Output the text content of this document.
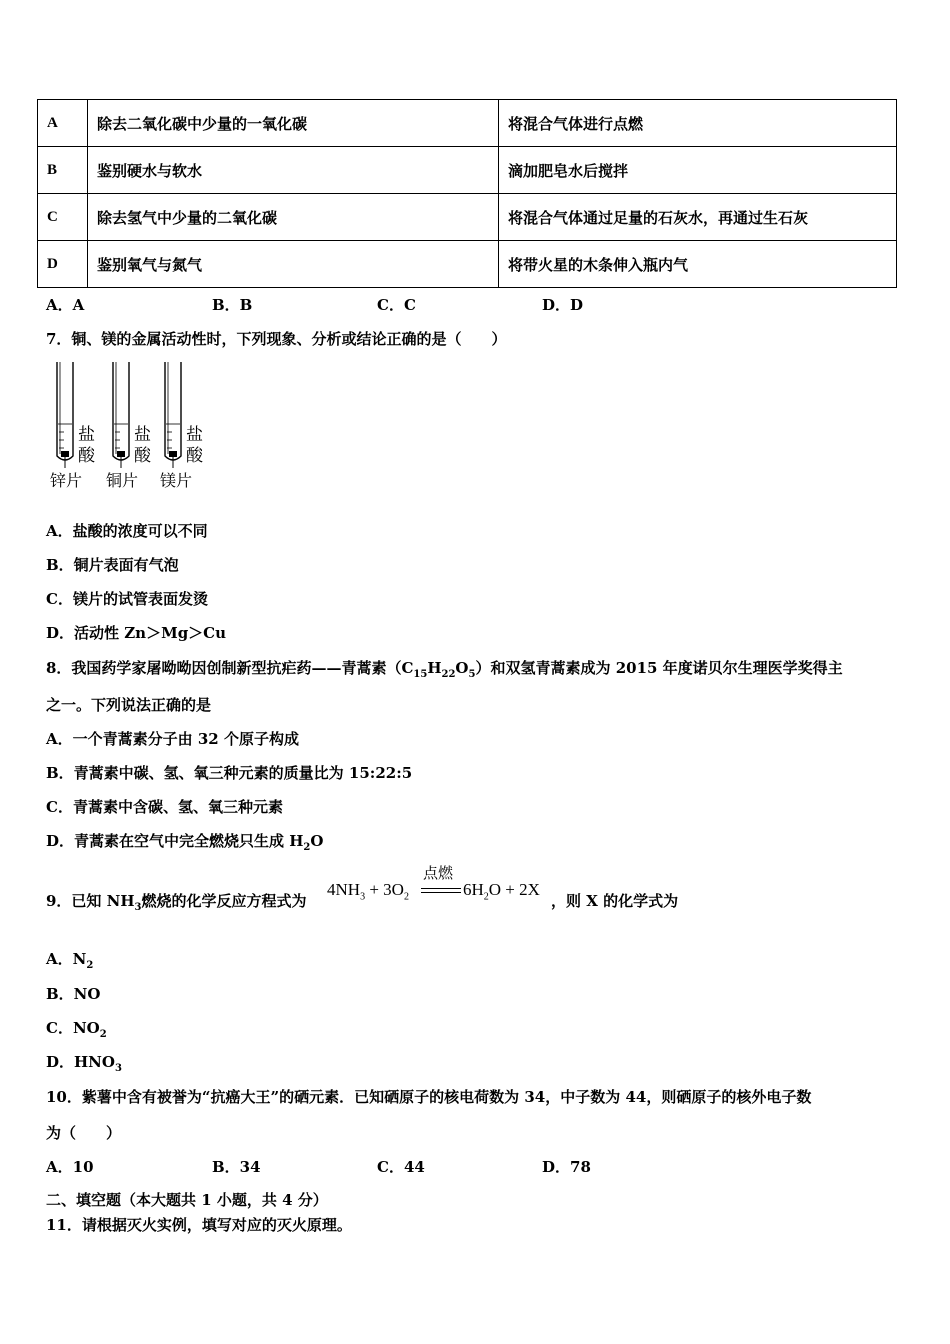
A	除去二氧化碳中少量的一氧化碳	将混合气体进行点燃
B	鉴别硬水与软水	滴加肥皂水后搅拌
C	除去氢气中少量的二氧化碳	将混合气体通过足量的石灰水，再通过生石灰
D	鉴别氧气与氮气	将带火星的木条伸入瓶内气
A．A	B．B	C．C	D．D
7．铜、镁的金属活动性时，下列现象、分析或结论正确的是（　　）
盐
酸
盐
酸
盐
酸
锌片 铜片 镁片
A．盐酸的浓度可以不同
B．铜片表面有气泡
C．镁片的试管表面发烫
D．活动性 Zn＞Mg＞Cu
8．我国药学家屠呦呦因创制新型抗疟药——青蒿素$(C_{15}H_{22}O_5)$和双氢青蒿素成为 2015 年度诺贝尔生理医学奖得主
之一。下列说法正确的是
A．一个青蒿素分子由 32 个原子构成
B．青蒿素中碳、氢、氧三种元素的质量比为 15:22:5
C．青蒿素中含碳、氢、氧三种元素
D．青蒿素在空气中完全燃烧只生成 $H_2O$
9．已知 $NH_3$燃烧的化学反应方程式为
$4NH_3 + 3O_2$
点燃
$6H_2O + 2X$
，则 X 的化学式为
A．$N_2$
B．NO
C．$NO_2$
D．$HNO_3$
10．紫薯中含有被誉为“抗癌大王”的硒元素．已知硒原子的核电荷数为 34，中子数为 44，则硒原子的核外电子数
为（　　）
A．10	B．34	C．44	D．78
二、填空题（本大题共 1 小题，共 4 分）
11．请根据灭火实例，填写对应的灭火原理。
